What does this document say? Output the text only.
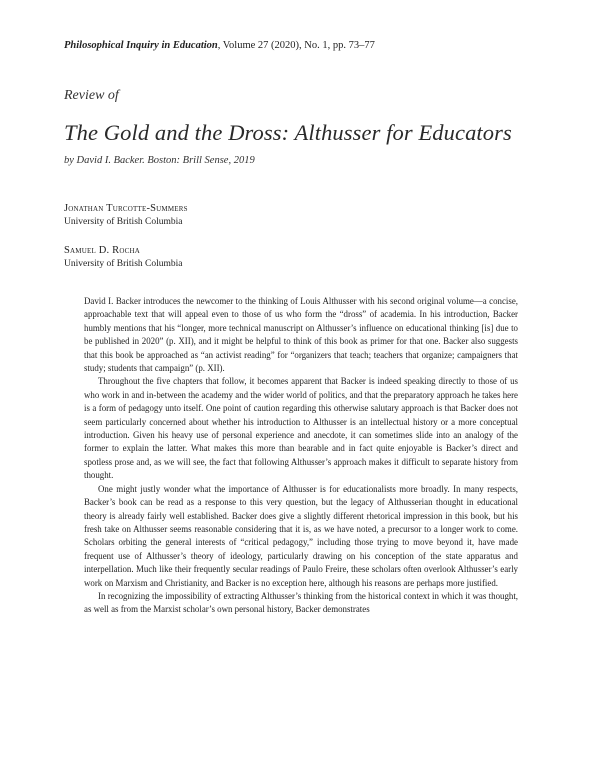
Philosophical Inquiry in Education, Volume 27 (2020), No. 1, pp. 73–77
Review of
The Gold and the Dross: Althusser for Educators
by David I. Backer. Boston: Brill Sense, 2019
Jonathan Turcotte-Summers
University of British Columbia
Samuel D. Rocha
University of British Columbia

David I. Backer introduces the newcomer to the thinking of Louis Althusser with his second original volume—a concise, approachable text that will appeal even to those of us who form the “dross” of academia. In his introduction, Backer humbly mentions that his “longer, more technical manuscript on Althusser’s influence on educational thinking [is] due to be published in 2020” (p. XII), and it might be helpful to think of this book as primer for that one. Backer also suggests that this book be approached as “an activist reading” for “organizers that teach; teachers that organize; campaigners that study; students that campaign” (p. XII).

Throughout the five chapters that follow, it becomes apparent that Backer is indeed speaking directly to those of us who work in and in-between the academy and the wider world of politics, and that the preparatory approach he takes here is a form of pedagogy unto itself. One point of caution regarding this otherwise salutary approach is that Backer does not seem particularly concerned about whether his introduction to Althusser is an intellectual history or a more conceptual introduction. Given his heavy use of personal experience and anecdote, it can sometimes slide into an analogy of the former to explain the latter. What makes this more than bearable and in fact quite enjoyable is Backer’s direct and spotless prose and, as we will see, the fact that following Althusser’s approach makes it difficult to separate history from thought.

One might justly wonder what the importance of Althusser is for educationalists more broadly. In many respects, Backer’s book can be read as a response to this very question, but the legacy of Althusserian thought in educational theory is already fairly well established. Backer does give a slightly different rhetorical impression in this book, but his fresh take on Althusser seems reasonable considering that it is, as we have noted, a precursor to a longer work to come. Scholars orbiting the general interests of “critical pedagogy,” including those trying to move beyond it, have made frequent use of Althusser’s theory of ideology, particularly drawing on his conception of the state apparatus and interpellation. Much like their frequently secular readings of Paulo Freire, these scholars often overlook Althusser’s early work on Marxism and Christianity, and Backer is no exception here, although his reasons are perhaps more justified.

In recognizing the impossibility of extracting Althusser’s thinking from the historical context in which it was thought, as well as from the Marxist scholar’s own personal history, Backer demonstrates
